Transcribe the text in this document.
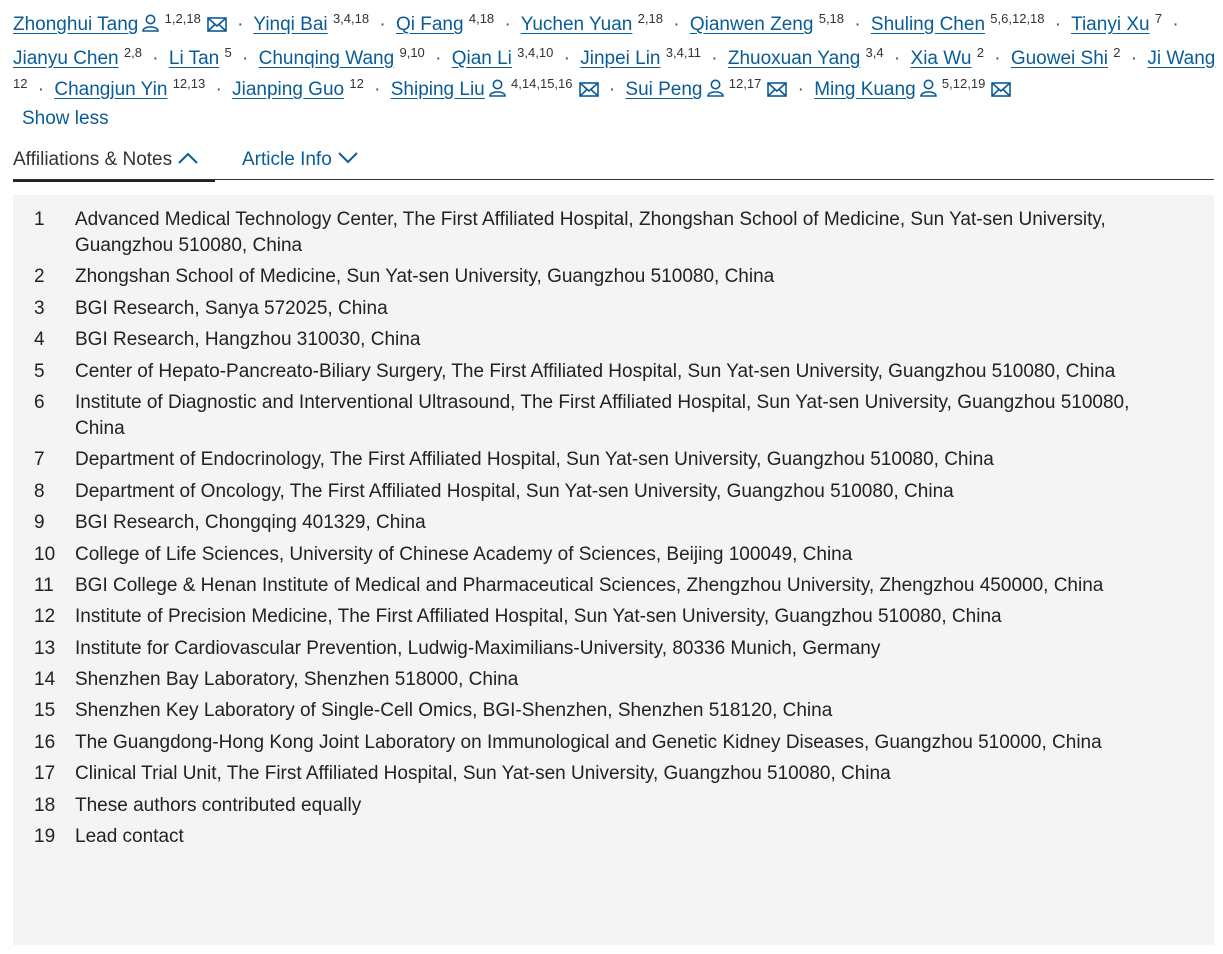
Zhonghui Tang $^{1,2,18}$ · Yinqi Bai $^{3,4,18}$ · Qi Fang $^{4,18}$ · Yuchen Yuan $^{2,18}$ · Qianwen Zeng $^{5,18}$ · Shuling Chen $^{5,6,12,18}$ · Tianyi Xu $^7$ · Jianyu Chen $^{2,8}$ · Li Tan $^5$ · Chunqing Wang $^{9,10}$ · Qian Li $^{3,4,10}$ · Jinpei Lin $^{3,4,11}$ · Zhuoxuan Yang $^{3,4}$ · Xia Wu $^2$ · Guowei Shi $^2$ · Ji Wang $^{12}$ · Changjun Yin $^{12,13}$ · Jianping Guo $^{12}$ · Shiping Liu $^{4,14,15,16}$ · Sui Peng $^{12,17}$ · Ming Kuang $^{5,12,19}$
Show less
Affiliations & Notes	Article Info
1	Advanced Medical Technology Center, The First Affiliated Hospital, Zhongshan School of Medicine, Sun Yat-sen University, Guangzhou 510080, China
2	Zhongshan School of Medicine, Sun Yat-sen University, Guangzhou 510080, China
3	BGI Research, Sanya 572025, China
4	BGI Research, Hangzhou 310030, China
5	Center of Hepato-Pancreato-Biliary Surgery, The First Affiliated Hospital, Sun Yat-sen University, Guangzhou 510080, China
6	Institute of Diagnostic and Interventional Ultrasound, The First Affiliated Hospital, Sun Yat-sen University, Guangzhou 510080, China
7	Department of Endocrinology, The First Affiliated Hospital, Sun Yat-sen University, Guangzhou 510080, China
8	Department of Oncology, The First Affiliated Hospital, Sun Yat-sen University, Guangzhou 510080, China
9	BGI Research, Chongqing 401329, China
10	College of Life Sciences, University of Chinese Academy of Sciences, Beijing 100049, China
11	BGI College & Henan Institute of Medical and Pharmaceutical Sciences, Zhengzhou University, Zhengzhou 450000, China
12	Institute of Precision Medicine, The First Affiliated Hospital, Sun Yat-sen University, Guangzhou 510080, China
13	Institute for Cardiovascular Prevention, Ludwig-Maximilians-University, 80336 Munich, Germany
14	Shenzhen Bay Laboratory, Shenzhen 518000, China
15	Shenzhen Key Laboratory of Single-Cell Omics, BGI-Shenzhen, Shenzhen 518120, China
16	The Guangdong-Hong Kong Joint Laboratory on Immunological and Genetic Kidney Diseases, Guangzhou 510000, China
17	Clinical Trial Unit, The First Affiliated Hospital, Sun Yat-sen University, Guangzhou 510080, China
18	These authors contributed equally
19	Lead contact
